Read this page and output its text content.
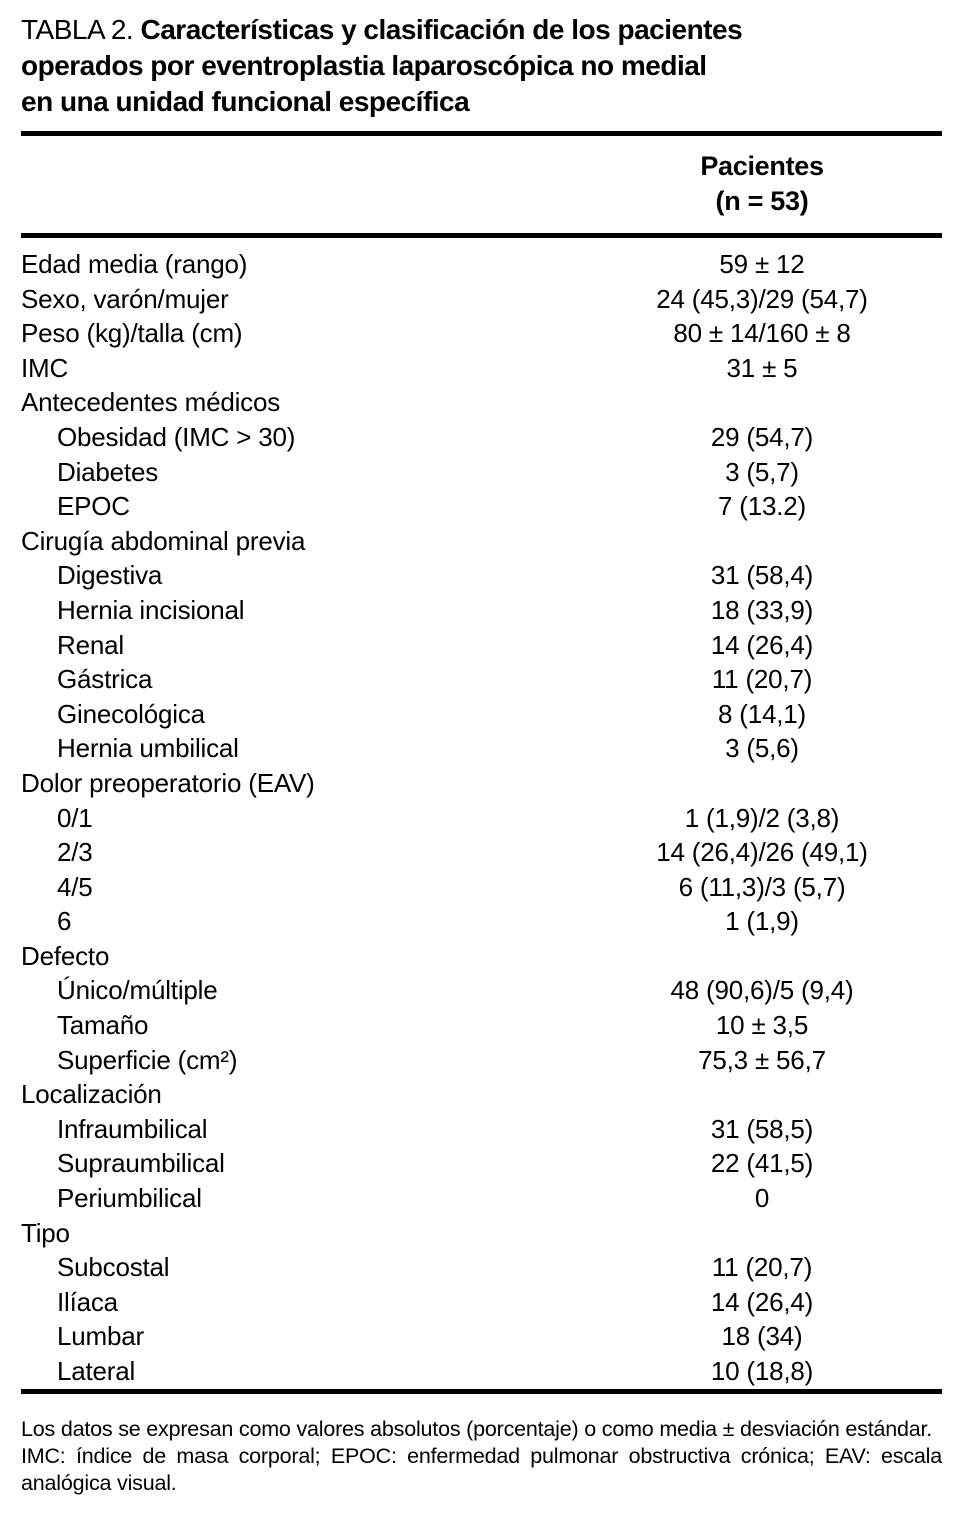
TABLA 2. Características y clasificación de los pacientes
operados por eventroplastia laparoscópica no medial
en una unidad funcional específica
Pacientes
(n = 53)
Edad media (rango)	59 ± 12
Sexo, varón/mujer	24 (45,3)/29 (54,7)
Peso (kg)/talla (cm)	80 ± 14/160 ± 8
IMC	31 ± 5
Antecedentes médicos
Obesidad (IMC > 30)	29 (54,7)
Diabetes	3 (5,7)
EPOC	7 (13.2)
Cirugía abdominal previa
Digestiva	31 (58,4)
Hernia incisional	18 (33,9)
Renal	14 (26,4)
Gástrica	11 (20,7)
Ginecológica	8 (14,1)
Hernia umbilical	3 (5,6)
Dolor preoperatorio (EAV)
0/1	1 (1,9)/2 (3,8)
2/3	14 (26,4)/26 (49,1)
4/5	6 (11,3)/3 (5,7)
6	1 (1,9)
Defecto
Único/múltiple	48 (90,6)/5 (9,4)
Tamaño	10 ± 3,5
Superficie (cm²)	75,3 ± 56,7
Localización
Infraumbilical	31 (58,5)
Supraumbilical	22 (41,5)
Periumbilical	0
Tipo
Subcostal	11 (20,7)
Ilíaca	14 (26,4)
Lumbar	18 (34)
Lateral	10 (18,8)

Los datos se expresan como valores absolutos (porcentaje) o como media ± desviación estándar.

IMC: índice de masa corporal; EPOC: enfermedad pulmonar obstructiva crónica; EAV: escala analógica visual.
